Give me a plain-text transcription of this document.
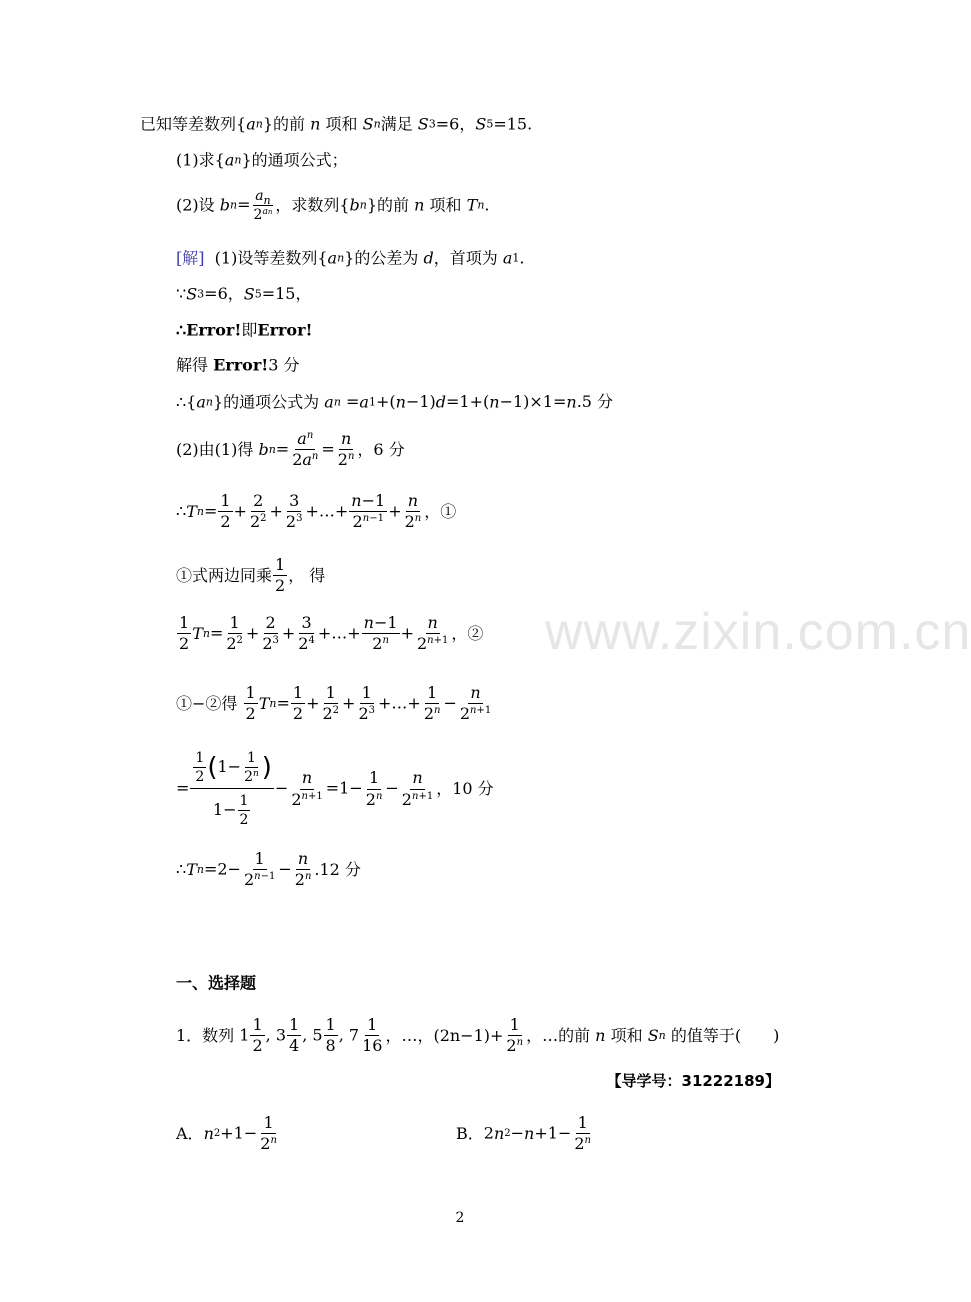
www.zixin.com.cn
已知等差数列{an}的前 n 项和 Sn满足 S3=6，S5=15.
(1)求{an}的通项公式；
(2)设 $bn= \frac{a_n}{2^{an}}$ ，求数列{bn}的前 n 项和 Tn.
[解] (1)设等差数列{an}的公差为 d，首项为 a1.
∵S3=6，S5=15，
∴Error!即Error!
解得 Error!3 分
∴{an}的通项公式为 an =a1+(n−1)d=1+(n−1)×1=n.5 分
(2)由(1)得 $bn= \frac{a^n}{2a^n} = \frac{n}{2^n}$ ，6 分
∴Tn= $\frac{1}{2} + \frac{2}{2^2} + \frac{3}{2^3}$ +…+ $\frac{n-1}{2^{n-1}} + \frac{n}{2^n}$ ，①
①式两边同乘 $\frac{1}{2}$ ， 得
$\frac{1}{2} Tn= \frac{1}{2^2} + \frac{2}{2^3} + \frac{3}{2^4}$ +…+ $\frac{n-1}{2^n} + \frac{n}{2^{n+1}}$ ，②
①−②得 $\frac{1}{2} Tn= \frac{1}{2} + \frac{1}{2^2} + \frac{1}{2^3}$ +…+ $\frac{1}{2^n} - \frac{n}{2^{n+1}}$
= $\frac{\frac{1}{2} (1- \frac{1}{2^n} )}{1- \frac{1}{2}} - \frac{n}{2^{n+1}} =1- \frac{1}{2^n} - \frac{n}{2^{n+1}}$ ，10 分
∴Tn=2− $\frac{1}{2^{n-1}} - \frac{n}{2^n} .12$ 分
一、选择题
1．数列 $1 \frac{1}{2}$ , $3 \frac{1}{4}$ , $5 \frac{1}{8}$ , $7 \frac{1}{16}$ ，…，$(2n-1)+ \frac{1}{2^n}$ ，…的前 n 项和 Sn 的值等于(　　)
【导学号：31222189】
A．$n2+1- \frac{1}{2^n}$	B．$2n2-n+1- \frac{1}{2^n}$
2
